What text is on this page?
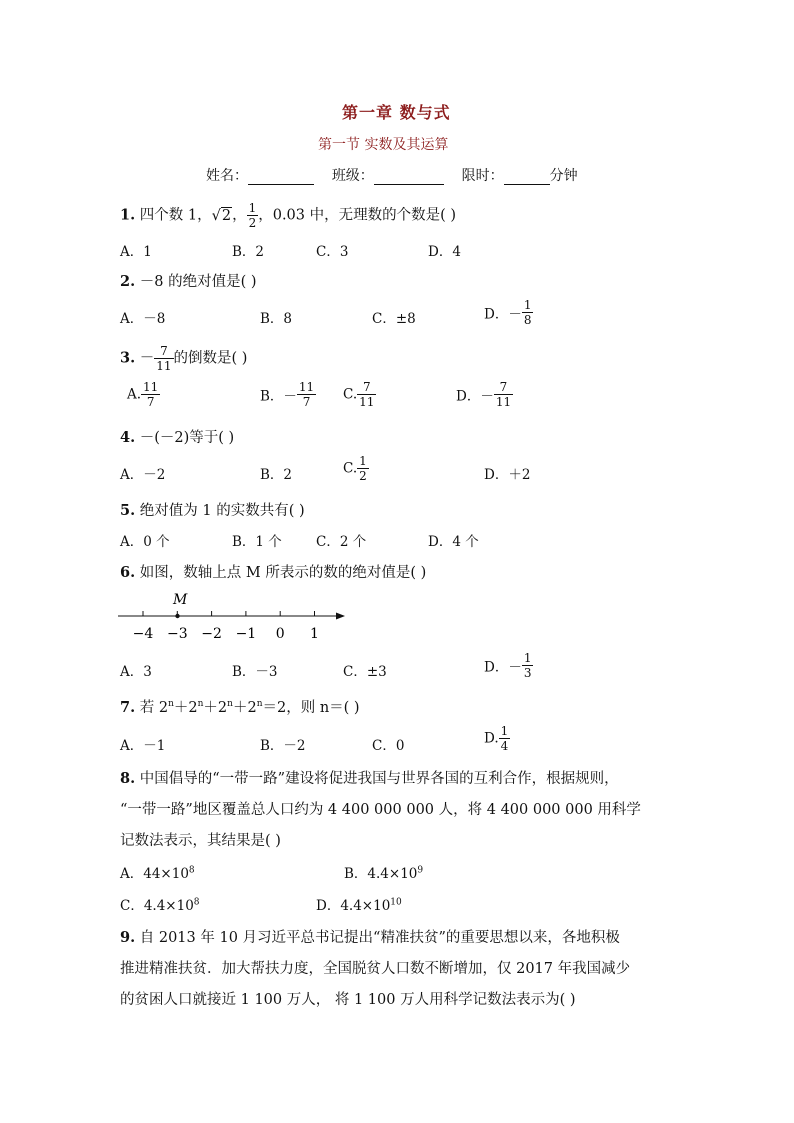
第一章 数与式
第一节 实数及其运算
姓名：	班级：	限时：	分钟
1. 四个数 1，√2， $\frac{1}{2}$ ，0.03 中，无理数的个数是( )
A．1	B．2	C．3	D．4
2. －8 的绝对值是( )
A．－8	B．8	C．±8	D．－ $\frac{1}{8}$
3. － $\frac{7}{11}$ 的倒数是( )
A. $\frac{11}{7}$	B．－ $\frac{11}{7} C$. $\frac{7}{11}$	D．－ $\frac{7}{11}$
4. －(－2)等于( )
A．－2	B．2	C. $\frac{1}{2}$	D．＋2
5. 绝对值为 1 的实数共有( )
A．0 个	B．1 个	C．2 个	D．4 个
6. 如图，数轴上点 M 所表示的数的绝对值是( )
−4 −3 −2 −1 0 1
M
A．3	B．－3	C．±3	D．－ $\frac{1}{3}$
7. 若 $2^n+2^n+2^n+2^n=2$，则 n＝( )
A．－1	B．－2	C．0	D. $\frac{1}{4}$
8. 中国倡导的“一带一路”建设将促进我国与世界各国的互利合作，根据规则，
“一带一路”地区覆盖总人口约为 4 400 000 000 人，将 4 400 000 000 用科学
记数法表示，其结果是( )
A．$44\times 10^8$	B．$4.4\times 10^9$
C．$4.4\times 10^8$	D．$4.4\times 10^{10}$
9. 自 2013 年 10 月习近平总书记提出“精准扶贫”的重要思想以来，各地积极
推进精准扶贫．加大帮扶力度，全国脱贫人口数不断增加，仅 2017 年我国减少
的贫困人口就接近 1 100 万人， 将 1 100 万人用科学记数法表示为( )
